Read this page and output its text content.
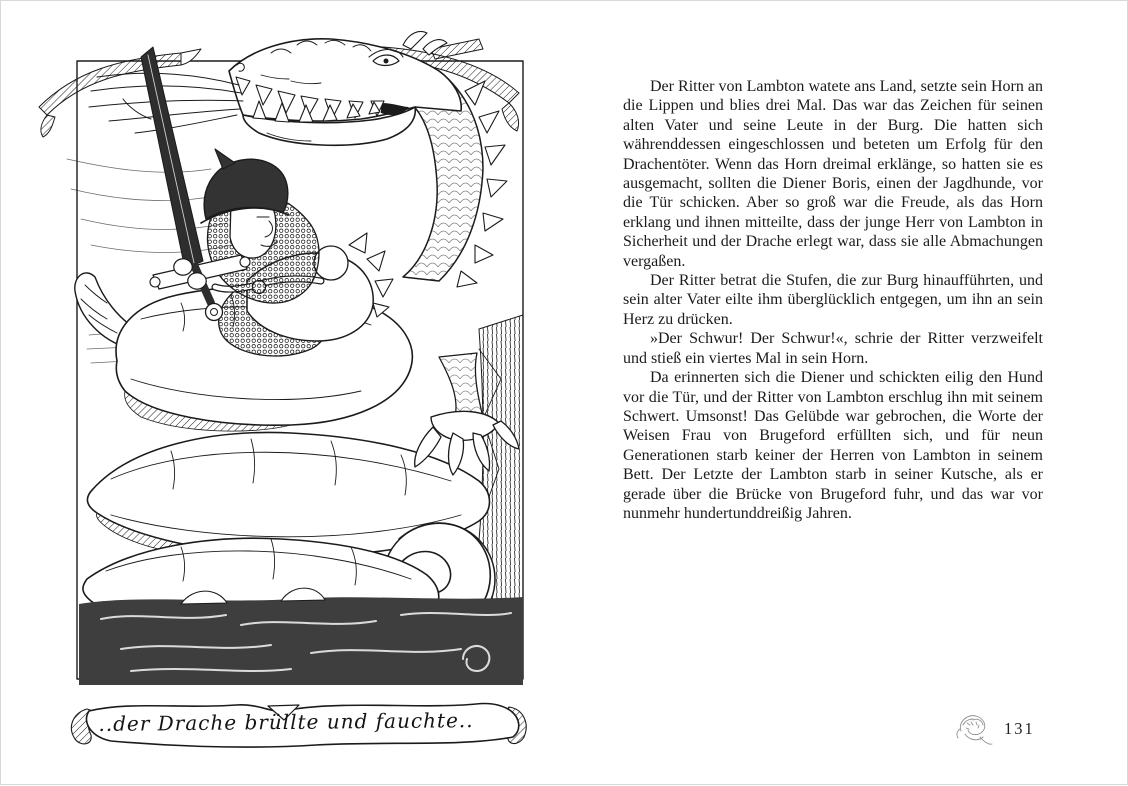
..der Drache brüllte und fauchte..

Der Ritter von Lambton watete ans Land, setzte sein Horn an die Lippen und blies drei Mal. Das war das Zeichen für seinen alten Vater und seine Leute in der Burg. Die hatten sich währenddessen eingeschlossen und beteten um Erfolg für den Drachentöter. Wenn das Horn dreimal erklänge, so hatten sie es ausgemacht, sollten die Diener Boris, einen der Jagdhunde, vor die Tür schicken. Aber so groß war die Freude, als das Horn erklang und ihnen mitteilte, dass der junge Herr von Lambton in Sicherheit und der Drache erlegt war, dass sie alle Abmachungen vergaßen.

Der Ritter betrat die Stufen, die zur Burg hinaufführten, und sein alter Vater eilte ihm überglücklich entgegen, um ihn an sein Herz zu drücken.

»Der Schwur! Der Schwur!«, schrie der Ritter verzweifelt und stieß ein viertes Mal in sein Horn.

Da erinnerten sich die Diener und schickten eilig den Hund vor die Tür, und der Ritter von Lambton erschlug ihn mit seinem Schwert. Umsonst! Das Gelübde war gebrochen, die Worte der Weisen Frau von Brugeford erfüllten sich, und für neun Generationen starb keiner der Herren von Lambton in seinem Bett. Der Letzte der Lambton starb in seiner Kutsche, als er gerade über die Brücke von Brugeford fuhr, und das war vor nunmehr hundertunddreißig Jahren.

131
